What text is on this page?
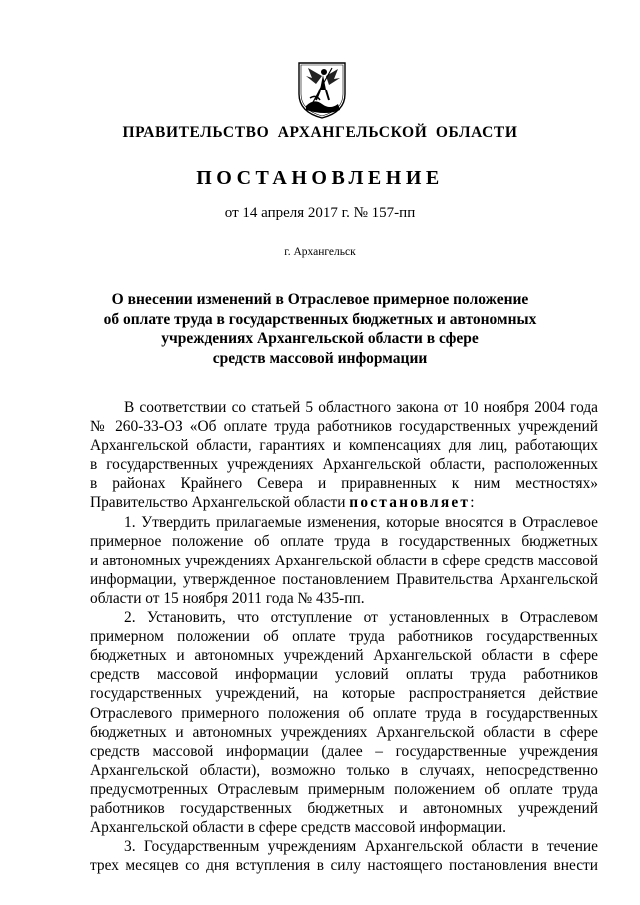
ПРАВИТЕЛЬСТВО АРХАНГЕЛЬСКОЙ ОБЛАСТИ
ПОСТАНОВЛЕНИЕ
от 14 апреля 2017 г. № 157-пп
г. Архангельск
О внесении изменений в Отраслевое примерное положение
об оплате труда в государственных бюджетных и автономных
учреждениях Архангельской области в сфере
средств массовой информации
В соответствии со статьей 5 областного закона от 10 ноября 2004 года
№ 260-33-ОЗ «Об оплате труда работников государственных учреждений
Архангельской области, гарантиях и компенсациях для лиц, работающих
в государственных учреждениях Архангельской области, расположенных
в районах Крайнего Севера и приравненных к ним местностях»
Правительство Архангельской области постановляет:
1. Утвердить прилагаемые изменения, которые вносятся в Отраслевое
примерное положение об оплате труда в государственных бюджетных
и автономных учреждениях Архангельской области в сфере средств массовой
информации, утвержденное постановлением Правительства Архангельской
области от 15 ноября 2011 года № 435-пп.
2. Установить, что отступление от установленных в Отраслевом
примерном положении об оплате труда работников государственных
бюджетных и автономных учреждений Архангельской области в сфере
средств массовой информации условий оплаты труда работников
государственных учреждений, на которые распространяется действие
Отраслевого примерного положения об оплате труда в государственных
бюджетных и автономных учреждениях Архангельской области в сфере
средств массовой информации (далее – государственные учреждения
Архангельской области), возможно только в случаях, непосредственно
предусмотренных Отраслевым примерным положением об оплате труда
работников государственных бюджетных и автономных учреждений
Архангельской области в сфере средств массовой информации.
3. Государственным учреждениям Архангельской области в течение
трех месяцев со дня вступления в силу настоящего постановления внести
